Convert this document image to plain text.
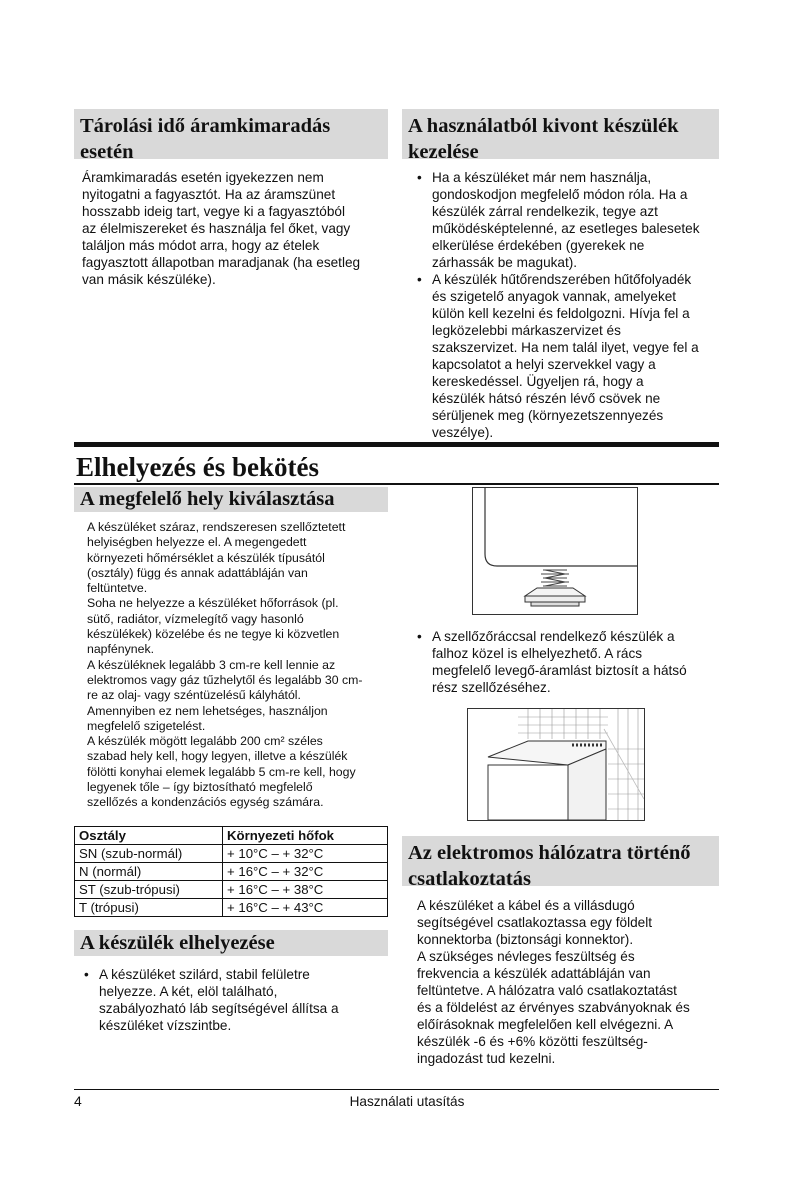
Tárolási idő áramkimaradás
esetén
Áramkimaradás esetén igyekezzen nem
nyitogatni a fagyasztót. Ha az áramszünet
hosszabb ideig tart, vegye ki a fagyasztóból
az élelmiszereket és használja fel őket, vagy
találjon más módot arra, hogy az ételek
fagyasztott állapotban maradjanak (ha esetleg
van másik készüléke).
A használatból kivont készülék
kezelése
• Ha a készüléket már nem használja,
gondoskodjon megfelelő módon róla. Ha a
készülék zárral rendelkezik, tegye azt
működésképtelenné, az esetleges balesetek
elkerülése érdekében (gyerekek ne
zárhassák be magukat).
• A készülék hűtőrendszerében hűtőfolyadék
és szigetelő anyagok vannak, amelyeket
külön kell kezelni és feldolgozni. Hívja fel a
legközelebbi márkaszervizet és
szakszervizet. Ha nem talál ilyet, vegye fel a
kapcsolatot a helyi szervekkel vagy a
kereskedéssel. Ügyeljen rá, hogy a
készülék hátsó részén lévő csövek ne
sérüljenek meg (környezetszennyezés
veszélye).
Elhelyezés és bekötés
A megfelelő hely kiválasztása
A készüléket száraz, rendszeresen szellőztetett
helyiségben helyezze el. A megengedett
környezeti hőmérséklet a készülék típusától
(osztály) függ és annak adattábláján van
feltüntetve.
Soha ne helyezze a készüléket hőforrások (pl.
sütő, radiátor, vízmelegítő vagy hasonló
készülékek) közelébe és ne tegye ki közvetlen
napfénynek.
A készüléknek legalább 3 cm-re kell lennie az
elektromos vagy gáz tűzhelytől és legalább 30 cm-
re az olaj- vagy széntüzelésű kályhától.
Amennyiben ez nem lehetséges, használjon
megfelelő szigetelést.
A készülék mögött legalább 200 cm² széles
szabad hely kell, hogy legyen, illetve a készülék
fölötti konyhai elemek legalább 5 cm-re kell, hogy
legyenek tőle – így biztosítható megfelelő
szellőzés a kondenzációs egység számára.
Osztály	Környezeti hőfok
SN (szub-normál)	+ 10°C – + 32°C
N (normál)	+ 16°C – + 32°C
ST (szub-trópusi)	+ 16°C – + 38°C
T (trópusi)	+ 16°C – + 43°C
A készülék elhelyezése
• A készüléket szilárd, stabil felületre
helyezze. A két, elöl található,
szabályozható láb segítségével állítsa a
készüléket vízszintbe.
• A szellőzőráccsal rendelkező készülék a
falhoz közel is elhelyezhető. A rács
megfelelő levegő-áramlást biztosít a hátsó
rész szellőzéséhez.
Az elektromos hálózatra történő
csatlakoztatás
A készüléket a kábel és a villásdugó
segítségével csatlakoztassa egy földelt
konnektorba (biztonsági konnektor).
A szükséges névleges feszültség és
frekvencia a készülék adattábláján van
feltüntetve. A hálózatra való csatlakoztatást
és a földelést az érvényes szabványoknak és
előírásoknak megfelelően kell elvégezni. A
készülék -6 és +6% közötti feszültség-
ingadozást tud kezelni.
4	Használati utasítás
